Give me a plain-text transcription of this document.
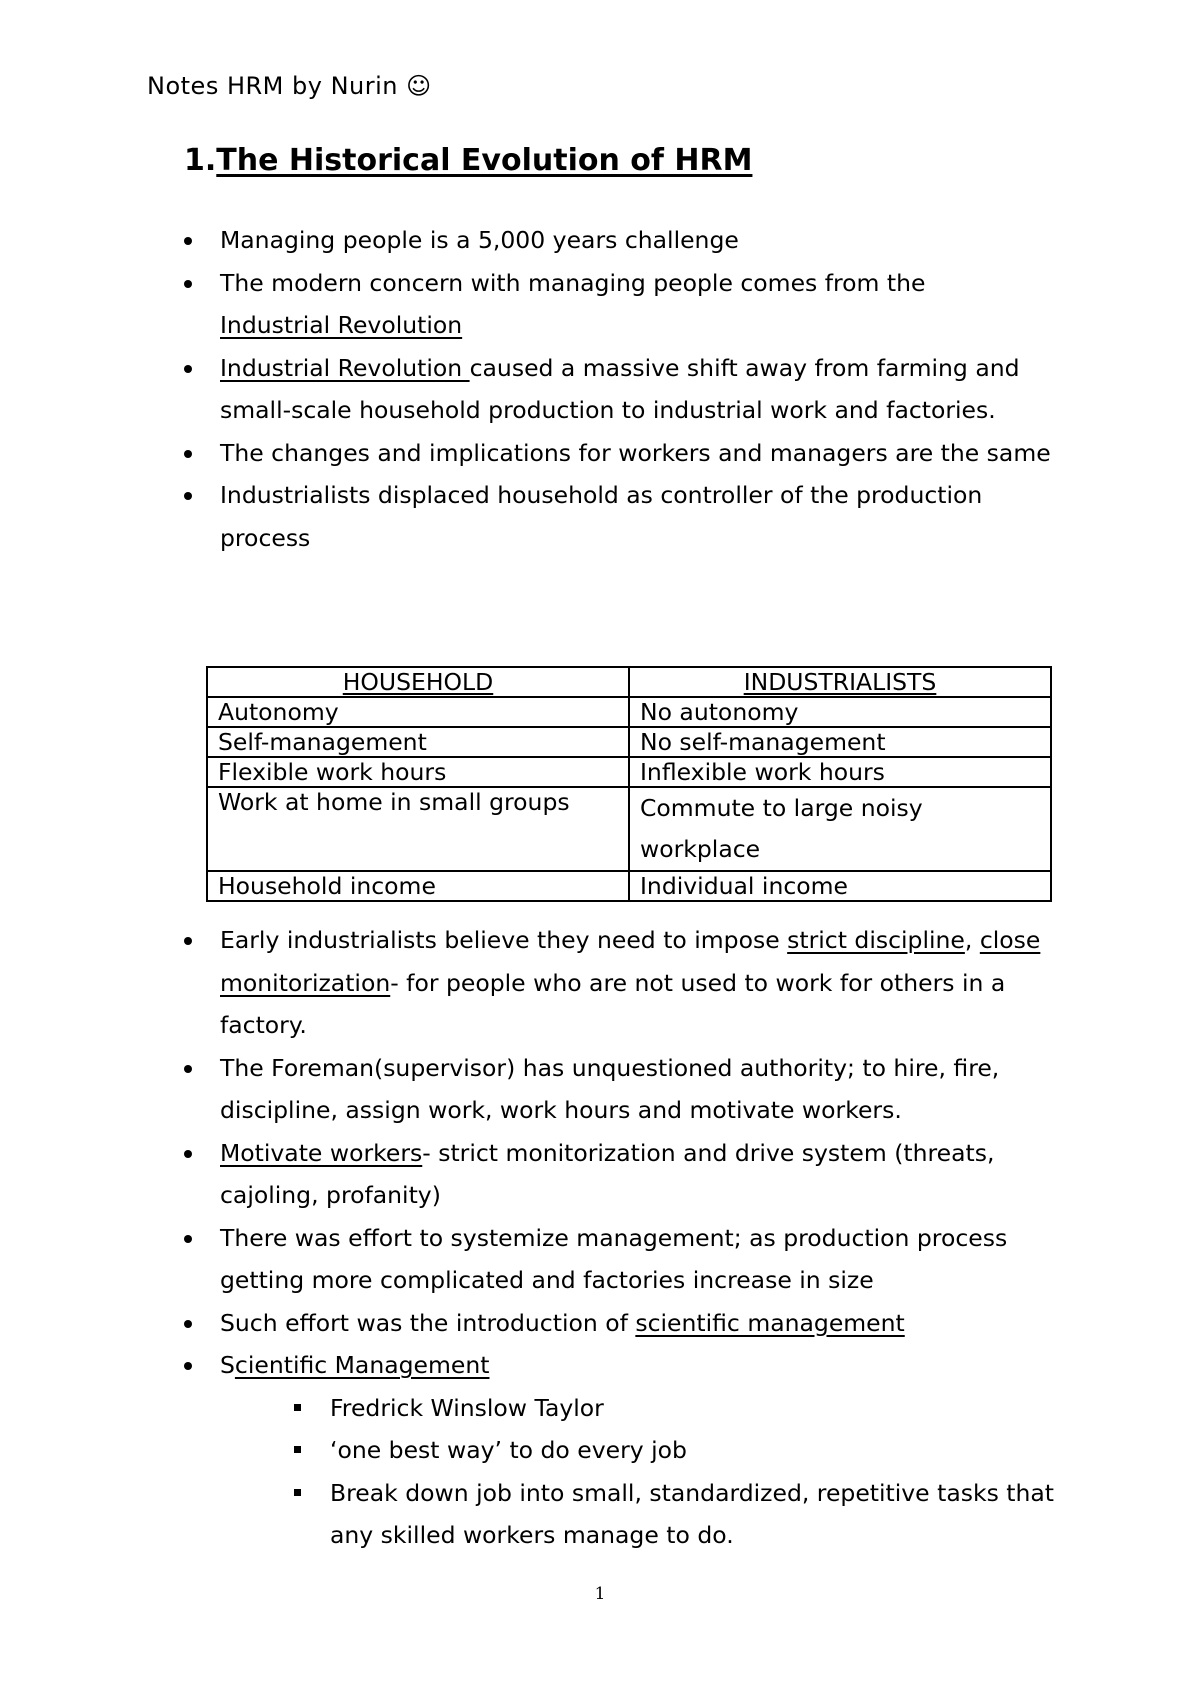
Notes HRM by Nurin ☺
1.The Historical Evolution of HRM
Managing people is a 5,000 years challenge
The modern concern with managing people comes from the
Industrial Revolution
Industrial Revolution caused a massive shift away from farming and small-scale household production to industrial work and factories.
The changes and implications for workers and managers are the same
Industrialists displaced household as controller of the production process
HOUSEHOLD	INDUSTRIALISTS
Autonomy	No autonomy
Self-management	No self-management
Flexible work hours	Inflexible work hours
Work at home in small groups	Commute to large noisy workplace
Household income	Individual income
Early industrialists believe they need to impose strict discipline, close monitorization- for people who are not used to work for others in a factory.
The Foreman(supervisor) has unquestioned authority; to hire, fire, discipline, assign work, work hours and motivate workers.
Motivate workers- strict monitorization and drive system (threats, cajoling, profanity)
There was effort to systemize management; as production process getting more complicated and factories increase in size
Such effort was the introduction of scientific management
Scientific Management
Fredrick Winslow Taylor
‘one best way’ to do every job
Break down job into small, standardized, repetitive tasks that any skilled workers manage to do.
1
